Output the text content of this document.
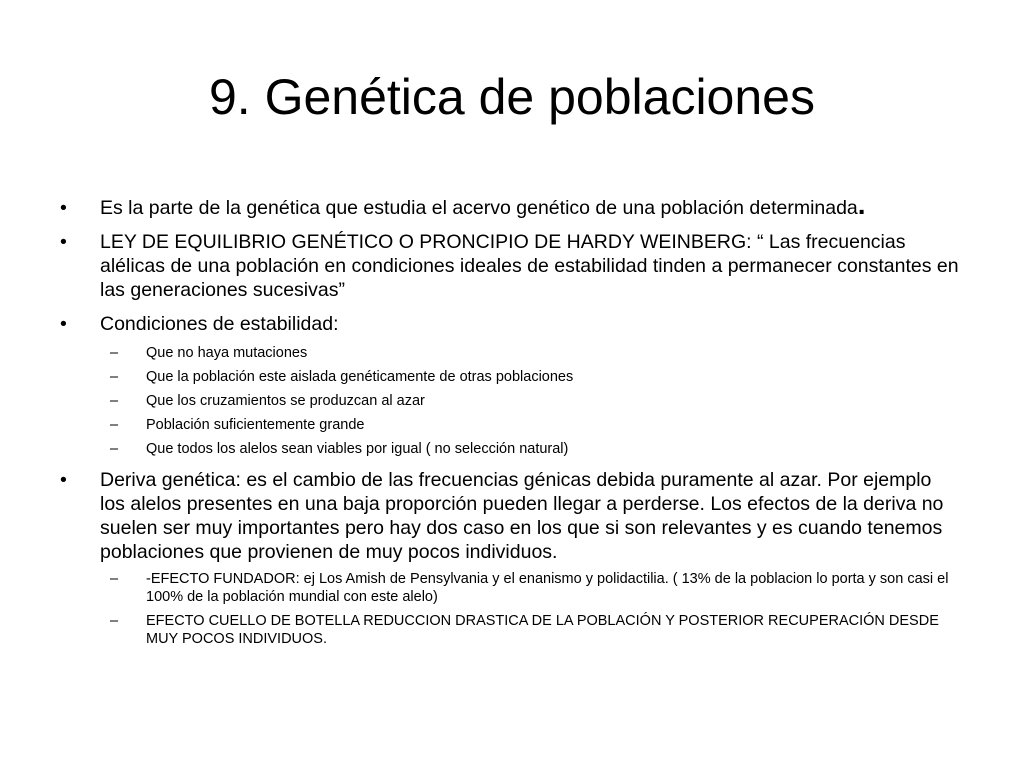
9. Genética de poblaciones
•	Es la parte de la genética que estudia el acervo genético de una población determinada.
•	LEY DE EQUILIBRIO GENÉTICO O PRONCIPIO DE HARDY WEINBERG: “ Las frecuencias alélicas de una población en condiciones ideales de estabilidad tinden a permanecer constantes en las generaciones sucesivas”
•	Condiciones de estabilidad:
– Que no haya mutaciones
– Que la población este aislada genéticamente de otras poblaciones
– Que los cruzamientos se produzcan al azar
– Población suficientemente grande
– Que todos los alelos sean viables por igual ( no selección natural)
•	Deriva genética: es el cambio de las frecuencias génicas debida puramente al azar. Por ejemplo los alelos presentes en una baja proporción pueden llegar a perderse. Los efectos de la deriva no suelen ser muy importantes pero hay dos caso en los que si son relevantes y es cuando tenemos poblaciones que provienen de muy pocos individuos.
– -EFECTO FUNDADOR: ej Los Amish de Pensylvania y el enanismo y polidactilia. ( 13% de la poblacion lo porta y son casi el 100% de la población mundial con este alelo)
– EFECTO CUELLO DE BOTELLA REDUCCION DRASTICA DE LA POBLACIÓN Y POSTERIOR RECUPERACIÓN DESDE MUY POCOS INDIVIDUOS.
